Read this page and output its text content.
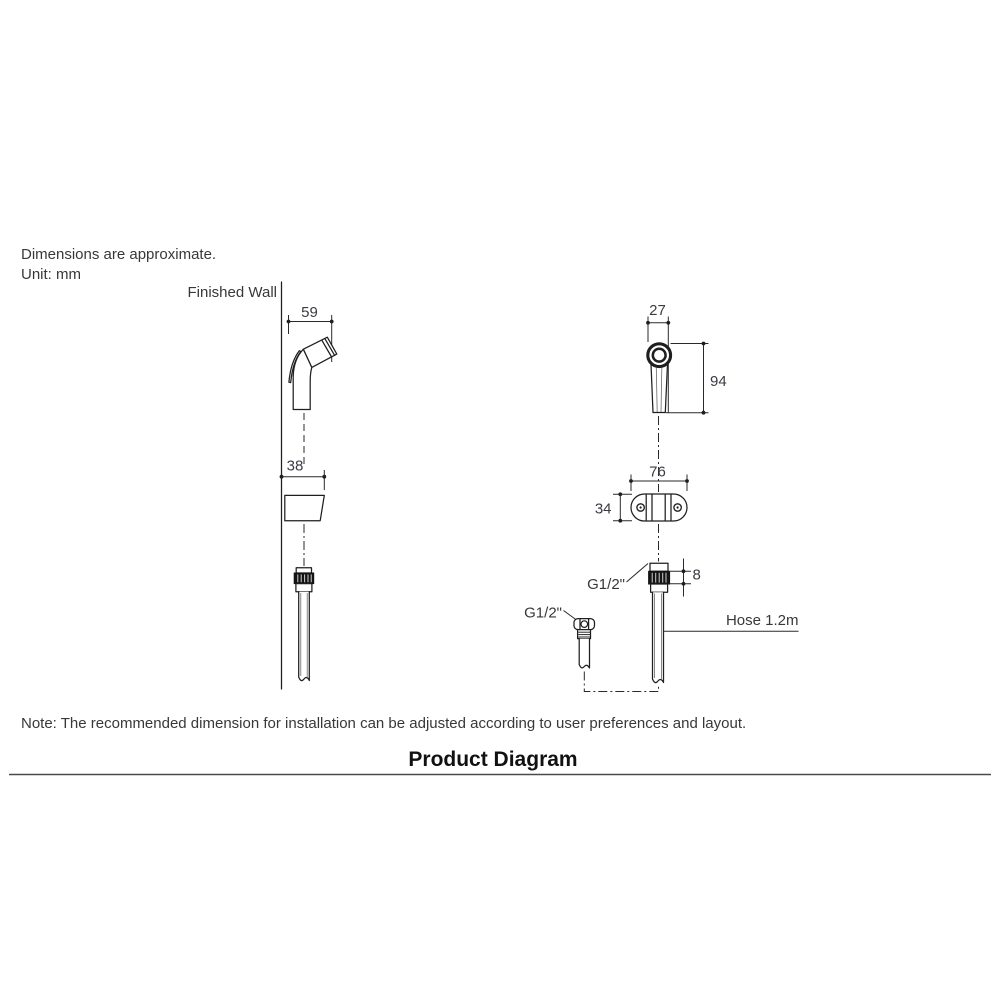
Dimensions are approximate.
Unit: mm
Finished Wall
59
38
27
94
76
34
8
G1/2"
Hose 1.2m
G1/2"
Note: The recommended dimension for installation can be adjusted according to user preferences and layout.
Product Diagram
